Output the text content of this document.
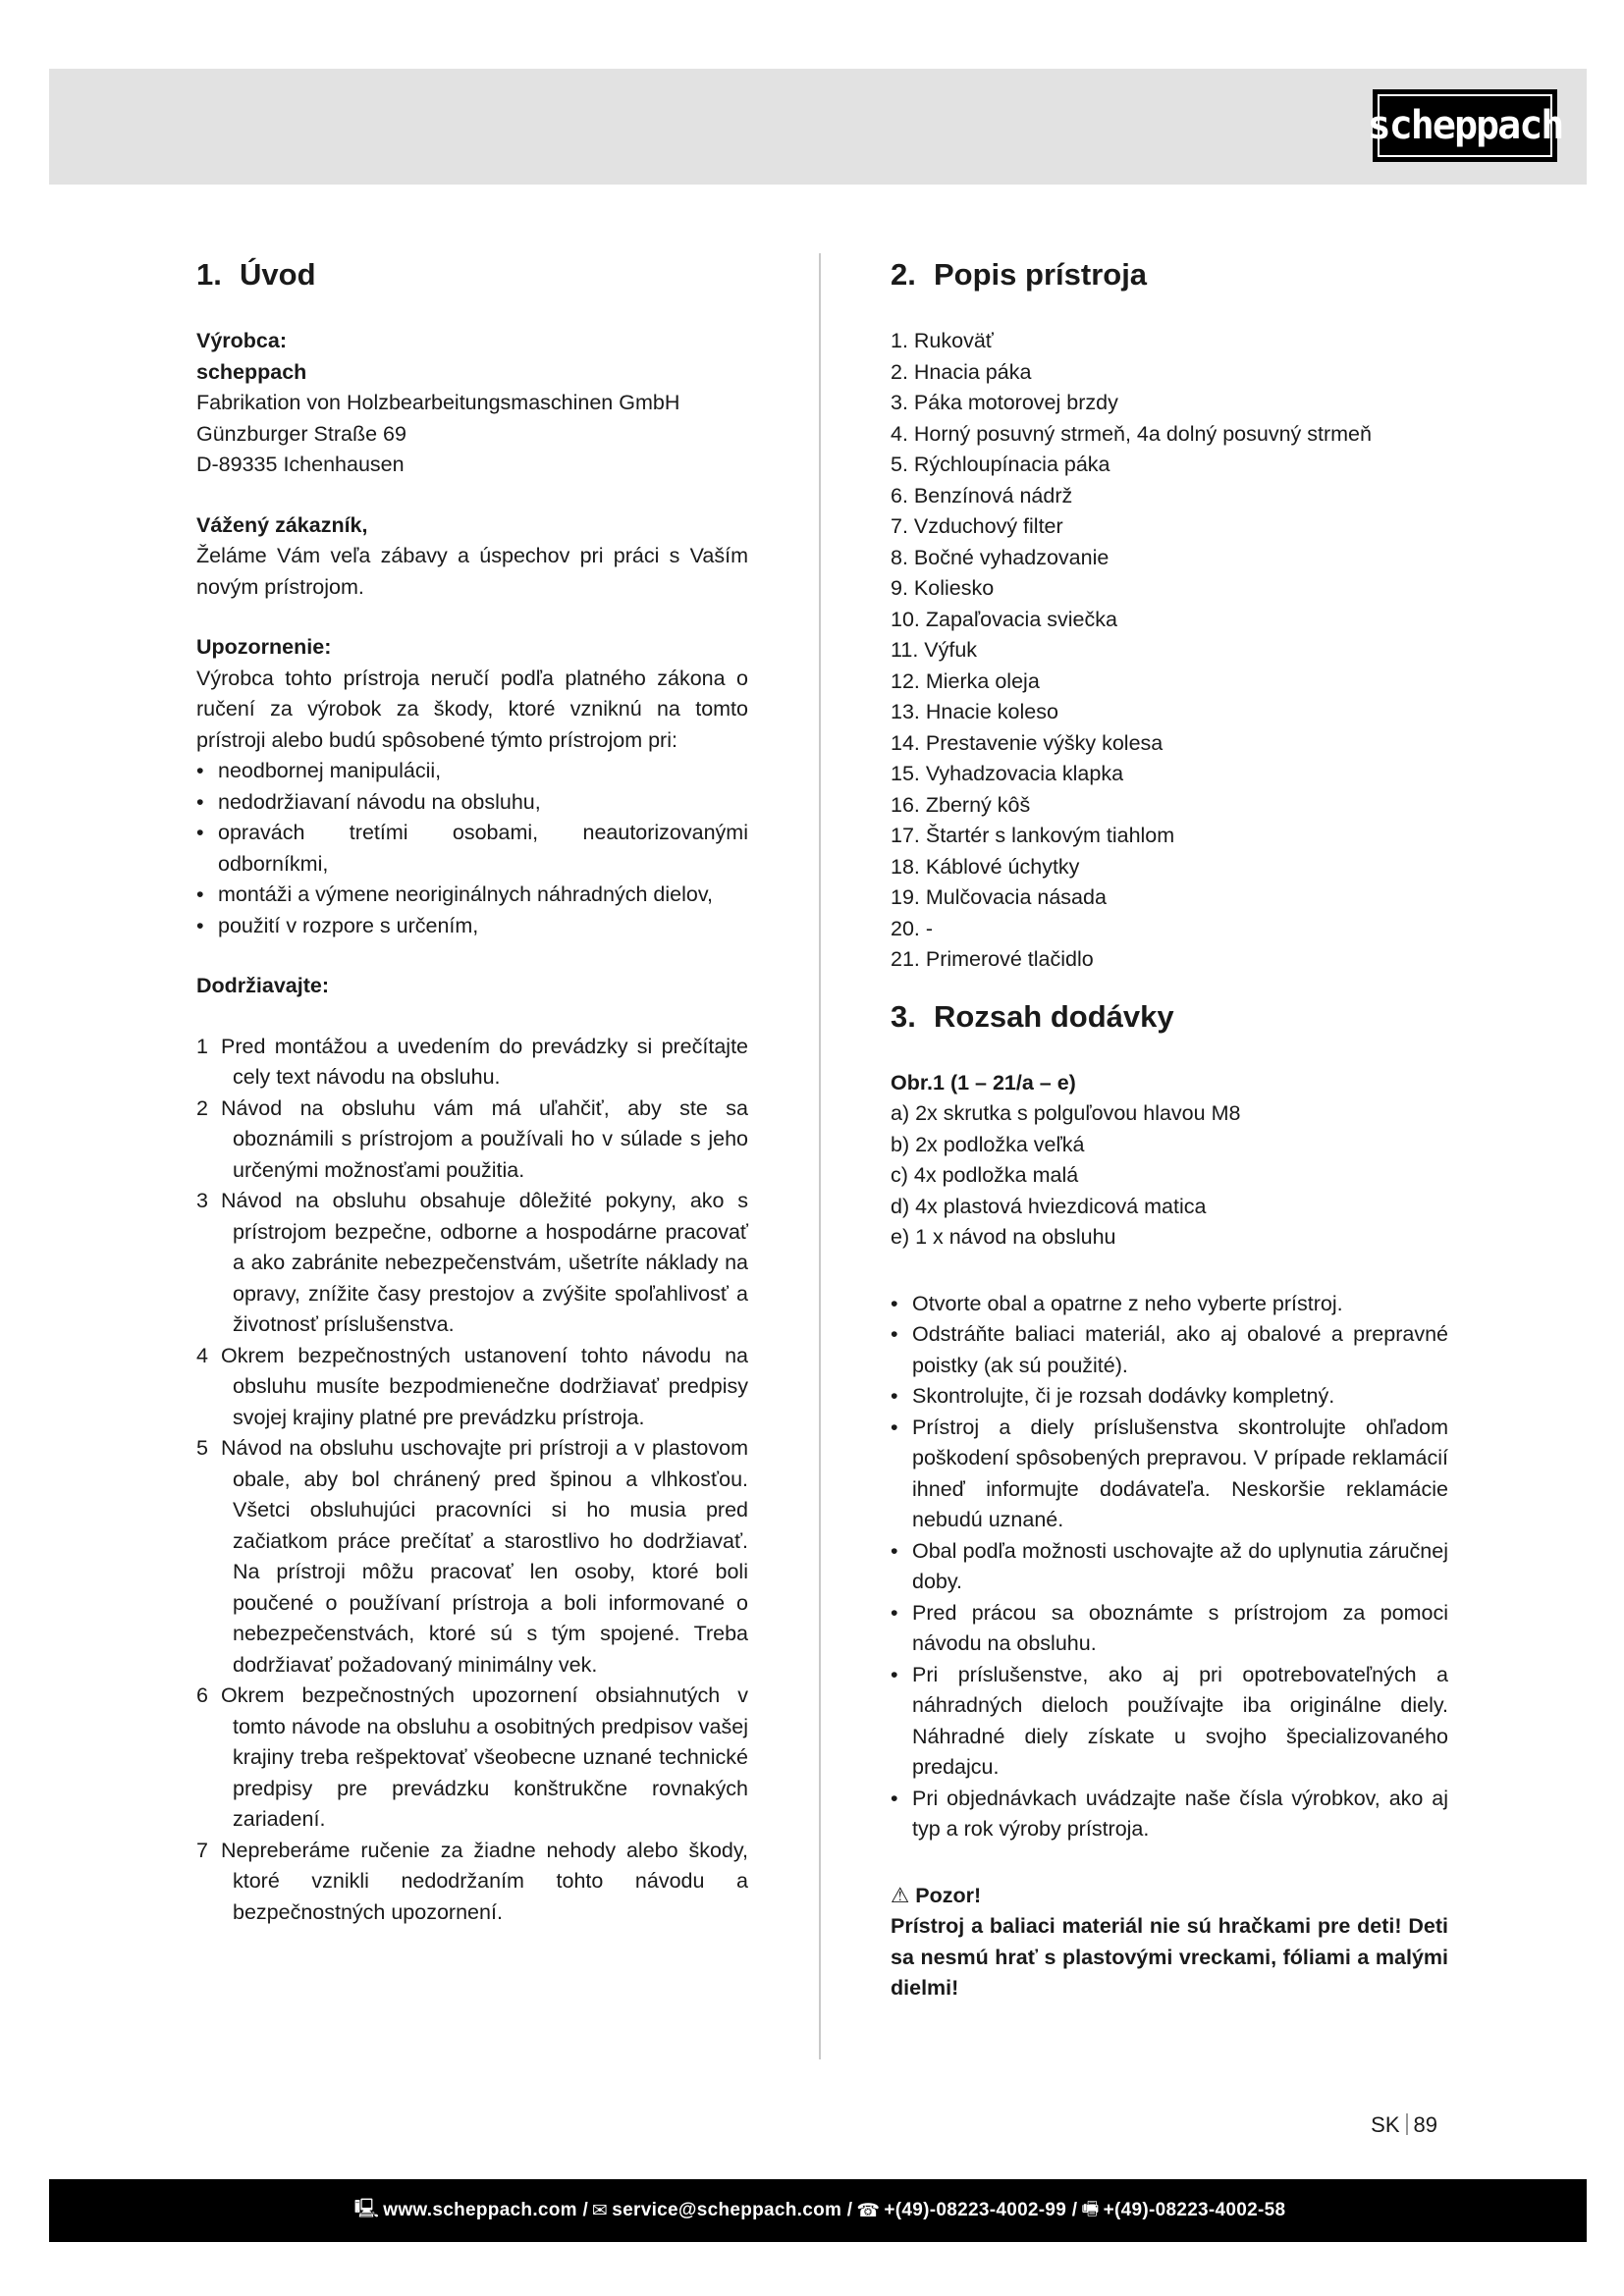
scheppach
1. Úvod

Výrobca:

scheppach

Fabrikation von Holzbearbeitungsmaschinen GmbH

Günzburger Straße 69

D-89335 Ichenhausen

Vážený zákazník,

Želáme Vám veľa zábavy a úspechov pri práci s Vaším novým prístrojom.

Upozornenie:

Výrobca tohto prístroja neručí podľa platného zákona o ručení za výrobok za škody, ktoré vzniknú na tomto prístroji alebo budú spôsobené týmto prístrojom pri:

• neodbornej manipulácii,
• nedodržiavaní návodu na obsluhu,
• opravách tretími osobami, neautorizovanými odborníkmi,
• montáži a výmene neoriginálnych náhradných dielov,
• použití v rozpore s určením,

Dodržiavajte:

1 Pred montážou a uvedením do prevádzky si prečítajte cely text návodu na obsluhu.
2 Návod na obsluhu vám má uľahčiť, aby ste sa oboznámili s prístrojom a používali ho v súlade s jeho určenými možnosťami použitia.
3 Návod na obsluhu obsahuje dôležité pokyny, ako s prístrojom bezpečne, odborne a hospodárne pracovať a ako zabránite nebezpečenstvám, ušetríte náklady na opravy, znížite časy prestojov a zvýšite spoľahlivosť a životnosť príslušenstva.
4 Okrem bezpečnostných ustanovení tohto návodu na obsluhu musíte bezpodmienečne dodržiavať predpisy svojej krajiny platné pre prevádzku prístroja.
5 Návod na obsluhu uschovajte pri prístroji a v plastovom obale, aby bol chránený pred špinou a vlhkosťou. Všetci obsluhujúci pracovníci si ho musia pred začiatkom práce prečítať a starostlivo ho dodržiavať. Na prístroji môžu pracovať len osoby, ktoré boli poučené o používaní prístroja a boli informované o nebezpečenstvách, ktoré sú s tým spojené. Treba dodržiavať požadovaný minimálny vek.
6 Okrem bezpečnostných upozornení obsiahnutých v tomto návode na obsluhu a osobitných predpisov vašej krajiny treba rešpektovať všeobecne uznané technické predpisy pre prevádzku konštrukčne rovnakých zariadení.
7 Nepreberáme ručenie za žiadne nehody alebo škody, ktoré vznikli nedodržaním tohto návodu a bezpečnostných upozornení.
2. Popis prístroja
1. Rukoväť
2. Hnacia páka
3. Páka motorovej brzdy
4. Horný posuvný strmeň, 4a dolný posuvný strmeň
5. Rýchloupínacia páka
6. Benzínová nádrž
7. Vzduchový filter
8. Bočné vyhadzovanie
9. Koliesko
10. Zapaľovacia sviečka
11. Výfuk
12. Mierka oleja
13. Hnacie koleso
14. Prestavenie výšky kolesa
15. Vyhadzovacia klapka
16. Zberný kôš
17. Štartér s lankovým tiahlom
18. Káblové úchytky
19. Mulčovacia násada
20. -
21. Primerové tlačidlo
3. Rozsah dodávky

Obr.1 (1 – 21/a – e)

a) 2x skrutka s polguľovou hlavou M8
b) 2x podložka veľká
c) 4x podložka malá
d) 4x plastová hviezdicová matica
e) 1 x návod na obsluhu
• Otvorte obal a opatrne z neho vyberte prístroj.
• Odstráňte baliaci materiál, ako aj obalové a prepravné poistky (ak sú použité).
• Skontrolujte, či je rozsah dodávky kompletný.
• Prístroj a diely príslušenstva skontrolujte ohľadom poškodení spôsobených prepravou. V prípade reklamácií ihneď informujte dodávateľa. Neskoršie reklamácie nebudú uznané.
• Obal podľa možnosti uschovajte až do uplynutia záručnej doby.
• Pred prácou sa oboznámte s prístrojom za pomoci návodu na obsluhu.
• Pri príslušenstve, ako aj pri opotrebovateľných a náhradných dieloch používajte iba originálne diely. Náhradné diely získate u svojho špecializovaného predajcu.
• Pri objednávkach uvádzajte naše čísla výrobkov, ako aj typ a rok výroby prístroja.

⚠ Pozor!

Prístroj a baliaci materiál nie sú hračkami pre deti! Deti sa nesmú hrať s plastovými vreckami, fóliami a malými dielmi!

SK 89
🖳 www.scheppach.com / ✉ service@scheppach.com / ☎ +(49)-08223-4002-99 / 🖷 +(49)-08223-4002-58
